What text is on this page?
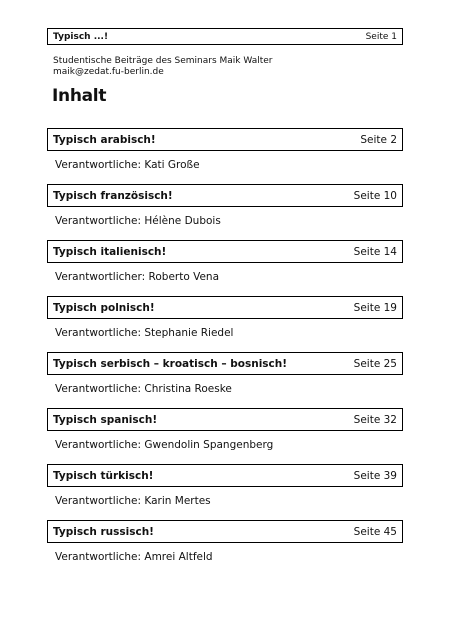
Typisch ...!	Seite 1
Studentische Beiträge des Seminars Maik Walter
maik@zedat.fu-berlin.de
Inhalt
Typisch arabisch!	Seite 2
Verantwortliche: Kati Große
Typisch französisch!	Seite 10
Verantwortliche: Hélène Dubois
Typisch italienisch!	Seite 14
Verantwortlicher: Roberto Vena
Typisch polnisch!	Seite 19
Verantwortliche: Stephanie Riedel
Typisch serbisch – kroatisch – bosnisch!	Seite 25
Verantwortliche: Christina Roeske
Typisch spanisch!	Seite 32
Verantwortliche: Gwendolin Spangenberg
Typisch türkisch!	Seite 39
Verantwortliche: Karin Mertes
Typisch russisch!	Seite 45
Verantwortliche: Amrei Altfeld
